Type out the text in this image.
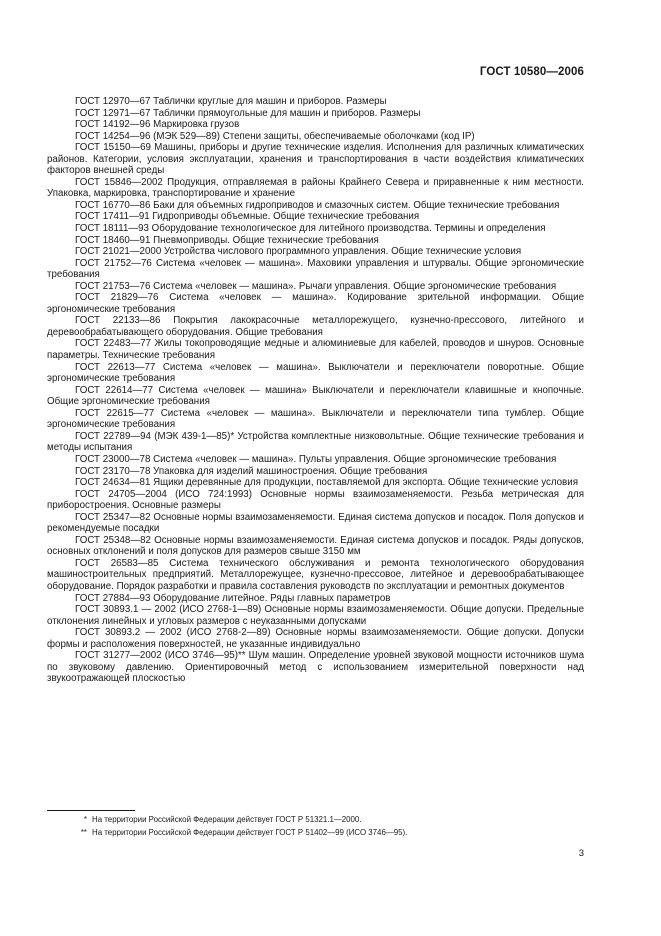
ГОСТ 10580—2006

ГОСТ 12970—67 Таблички круглые для машин и приборов. Размеры

ГОСТ 12971—67 Таблички прямоугольные для машин и приборов. Размеры

ГОСТ 14192—96 Маркировка грузов

ГОСТ 14254—96 (МЭК 529—89) Степени защиты, обеспечиваемые оболочками (код IP)

ГОСТ 15150—69 Машины, приборы и другие технические изделия. Исполнения для различных климатических районов. Категории, условия эксплуатации, хранения и транспортирования в части воздействия климатических факторов внешней среды

ГОСТ 15846—2002 Продукция, отправляемая в районы Крайнего Севера и приравненные к ним местности. Упаковка, маркировка, транспортирование и хранение

ГОСТ 16770—86 Баки для объемных гидроприводов и смазочных систем. Общие технические требования

ГОСТ 17411—91 Гидроприводы объемные. Общие технические требования

ГОСТ 18111—93 Оборудование технологическое для литейного производства. Термины и определения

ГОСТ 18460—91 Пневмоприводы. Общие технические требования

ГОСТ 21021—2000 Устройства числового программного управления. Общие технические условия

ГОСТ 21752—76 Система «человек — машина». Маховики управления и штурвалы. Общие эргономические требования

ГОСТ 21753—76 Система «человек — машина». Рычаги управления. Общие эргономические требования

ГОСТ 21829—76 Система «человек — машина». Кодирование зрительной информации. Общие эргономические требования

ГОСТ 22133—86 Покрытия лакокрасочные металлорежущего, кузнечно-прессового, литейного и деревообрабатывающего оборудования. Общие требования

ГОСТ 22483—77 Жилы токопроводящие медные и алюминиевые для кабелей, проводов и шнуров. Основные параметры. Технические требования

ГОСТ 22613—77 Система «человек — машина». Выключатели и переключатели поворотные. Общие эргономические требования

ГОСТ 22614—77 Система «человек — машина» Выключатели и переключатели клавишные и кнопочные. Общие эргономические требования

ГОСТ 22615—77 Система «человек — машина». Выключатели и переключатели типа тумблер. Общие эргономические требования

ГОСТ 22789—94 (МЭК 439-1—85)* Устройства комплектные низковольтные. Общие технические требования и методы испытания

ГОСТ 23000—78 Система «человек — машина». Пульты управления. Общие эргономические требования

ГОСТ 23170—78 Упаковка для изделий машиностроения. Общие требования

ГОСТ 24634—81 Ящики деревянные для продукции, поставляемой для экспорта. Общие технические условия

ГОСТ 24705—2004 (ИСО 724:1993) Основные нормы взаимозаменяемости. Резьба метрическая для приборостроения. Основные размеры

ГОСТ 25347—82 Основные нормы взаимозаменяемости. Единая система допусков и посадок. Поля допусков и рекомендуемые посадки

ГОСТ 25348—82 Основные нормы взаимозаменяемости. Единая система допусков и посадок. Ряды допусков, основных отклонений и поля допусков для размеров свыше 3150 мм

ГОСТ 26583—85 Система технического обслуживания и ремонта технологического оборудования машиностроительных предприятий. Металлорежущее, кузнечно-прессовое, литейное и деревообрабатывающее оборудование. Порядок разработки и правила составления руководств по эксплуатации и ремонтных документов

ГОСТ 27884—93 Оборудование литейное. Ряды главных параметров

ГОСТ 30893.1 — 2002 (ИСО 2768-1—89) Основные нормы взаимозаменяемости. Общие допуски. Предельные отклонения линейных и угловых размеров с неуказанными допусками

ГОСТ 30893.2 — 2002 (ИСО 2768-2—89) Основные нормы взаимозаменяемости. Общие допуски. Допуски формы и расположения поверхностей, не указанные индивидуально

ГОСТ 31277—2002 (ИСО 3746—95)** Шум машин. Определение уровней звуковой мощности источников шума по звуковому давлению. Ориентировочный метод с использованием измерительной поверхности над звукоотражающей плоскостью

* На территории Российской Федерации действует ГОСТ Р 51321.1—2000.

** На территории Российской Федерации действует ГОСТ Р 51402—99 (ИСО 3746—95).

3
